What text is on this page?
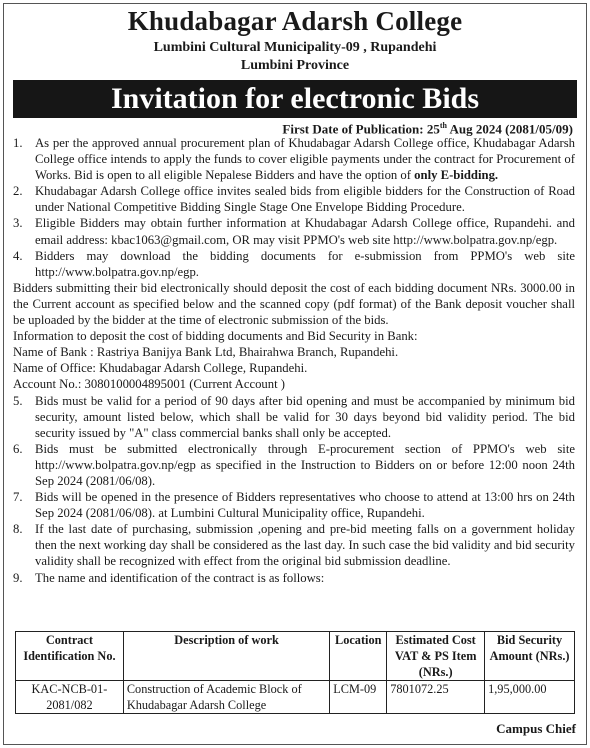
Khudabagar Adarsh College
Lumbini Cultural Municipality-09 , Rupandehi
Lumbini Province
Invitation for electronic Bids
First Date of Publication: 25th Aug 2024 (2081/05/09)
1. As per the approved annual procurement plan of Khudabagar Adarsh College office, Khudabagar Adarsh College office intends to apply the funds to cover eligible payments under the contract for Procurement of Works. Bid is open to all eligible Nepalese Bidders and have the option of only E-bidding.
2. Khudabagar Adarsh College office invites sealed bids from eligible bidders for the Construction of Road under National Competitive Bidding Single Stage One Envelope Bidding Procedure.
3. Eligible Bidders may obtain further information at Khudabagar Adarsh College office, Rupandehi. and email address: kbac1063@gmail.com, OR may visit PPMO's web site http://www.bolpatra.gov.np/egp.
4. Bidders may download the bidding documents for e-submission from PPMO's web site http://www.bolpatra.gov.np/egp.

Bidders submitting their bid electronically should deposit the cost of each bidding document NRs. 3000.00 in the Current account as specified below and the scanned copy (pdf format) of the Bank deposit voucher shall be uploaded by the bidder at the time of electronic submission of the bids.

Information to deposit the cost of bidding documents and Bid Security in Bank:

Name of Bank : Rastriya Banijya Bank Ltd, Bhairahwa Branch, Rupandehi.

Name of Office: Khudabagar Adarsh College, Rupandehi.

Account No.: 3080100004895001 (Current Account )

5. Bids must be valid for a period of 90 days after bid opening and must be accompanied by minimum bid security, amount listed below, which shall be valid for 30 days beyond bid validity period. The bid security issued by "A" class commercial banks shall only be accepted.
6. Bids must be submitted electronically through E-procurement section of PPMO's web site http://www.bolpatra.gov.np/egp as specified in the Instruction to Bidders on or before 12:00 noon 24th Sep 2024 (2081/06/08).
7. Bids will be opened in the presence of Bidders representatives who choose to attend at 13:00 hrs on 24th Sep 2024 (2081/06/08). at Lumbini Cultural Municipality office, Rupandehi.
8. If the last date of purchasing, submission ,opening and pre-bid meeting falls on a government holiday then the next working day shall be considered as the last day. In such case the bid validity and bid security validity shall be recognized with effect from the original bid submission deadline.
9. The name and identification of the contract is as follows:
Contract Identification No.	Description of work	Location	Estimated Cost VAT & PS Item (NRs.)	Bid Security Amount (NRs.)
KAC-NCB-01-2081/082	Construction of Academic Block of Khudabagar Adarsh College	LCM-09	7801072.25	1,95,000.00
Campus Chief
